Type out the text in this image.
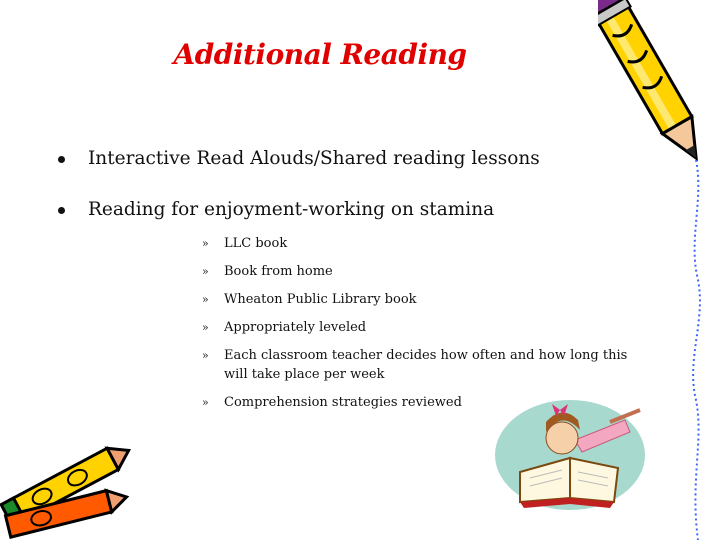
Additional Reading
Interactive Read Alouds/Shared reading lessons
Reading for enjoyment-working on stamina
» LLC book
» Book from home
» Wheaton Public Library book
» Appropriately leveled
» Each classroom teacher decides how often and how long this will take place per week
» Comprehension strategies reviewed
